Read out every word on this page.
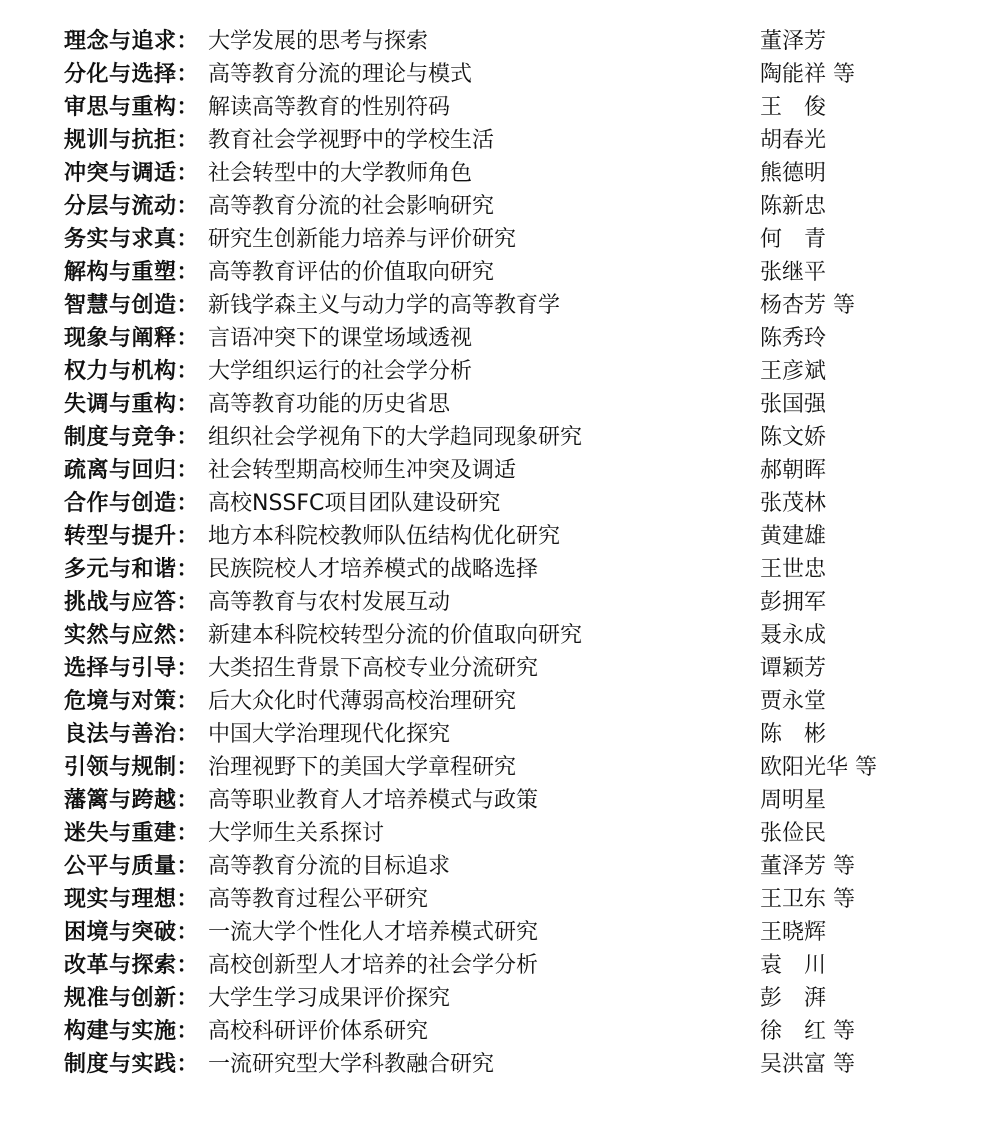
理念与追求： 大学发展的思考与探索	董泽芳
分化与选择： 高等教育分流的理论与模式	陶能祥 等
审思与重构： 解读高等教育的性别符码	王　俊
规训与抗拒： 教育社会学视野中的学校生活	胡春光
冲突与调适： 社会转型中的大学教师角色	熊德明
分层与流动： 高等教育分流的社会影响研究	陈新忠
务实与求真： 研究生创新能力培养与评价研究	何　青
解构与重塑： 高等教育评估的价值取向研究	张继平
智慧与创造： 新钱学森主义与动力学的高等教育学	杨杏芳 等
现象与阐释： 言语冲突下的课堂场域透视	陈秀玲
权力与机构： 大学组织运行的社会学分析	王彦斌
失调与重构： 高等教育功能的历史省思	张国强
制度与竞争： 组织社会学视角下的大学趋同现象研究	陈文娇
疏离与回归： 社会转型期高校师生冲突及调适	郝朝晖
合作与创造： 高校NSSFC项目团队建设研究	张茂林
转型与提升： 地方本科院校教师队伍结构优化研究	黄建雄
多元与和谐： 民族院校人才培养模式的战略选择	王世忠
挑战与应答： 高等教育与农村发展互动	彭拥军
实然与应然： 新建本科院校转型分流的价值取向研究	聂永成
选择与引导： 大类招生背景下高校专业分流研究	谭颖芳
危境与对策： 后大众化时代薄弱高校治理研究	贾永堂
良法与善治： 中国大学治理现代化探究	陈　彬
引领与规制： 治理视野下的美国大学章程研究	欧阳光华 等
藩篱与跨越： 高等职业教育人才培养模式与政策	周明星
迷失与重建： 大学师生关系探讨	张俭民
公平与质量： 高等教育分流的目标追求	董泽芳 等
现实与理想： 高等教育过程公平研究	王卫东 等
困境与突破： 一流大学个性化人才培养模式研究	王晓辉
改革与探索： 高校创新型人才培养的社会学分析	袁　川
规准与创新： 大学生学习成果评价探究	彭　湃
构建与实施： 高校科研评价体系研究	徐　红 等
制度与实践： 一流研究型大学科教融合研究	吴洪富 等
